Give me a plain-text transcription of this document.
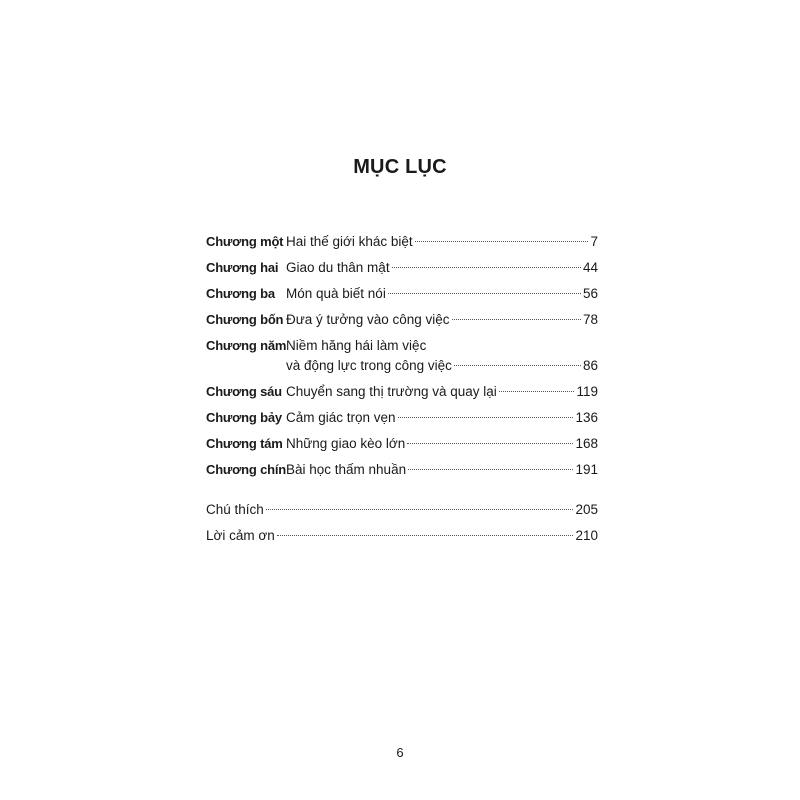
MỤC LỤC
Chương một Hai thế giới khác biệt	7
Chương hai Giao du thân mật	44
Chương ba Món quà biết nói	56
Chương bốn Đưa ý tưởng vào công việc	78
Chương năm Niềm hăng hái làm việc
và động lực trong công việc	86
Chương sáu Chuyển sang thị trường và quay lại	119
Chương bảy Cảm giác trọn vẹn	136
Chương tám Những giao kèo lớn	168
Chương chín Bài học thấm nhuần	191
Chú thích	205
Lời cảm ơn	210
6
